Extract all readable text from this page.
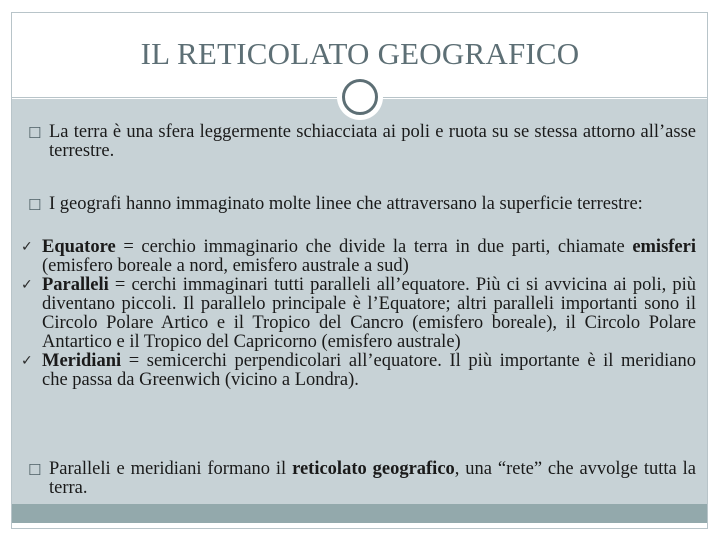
IL RETICOLATO GEOGRAFICO
☐ La terra è una sfera leggermente schiacciata ai poli e ruota su se stessa attorno all’asse terrestre.

☐ I geografi hanno immaginato molte linee che attraversano la superficie terrestre:

✓ Equatore = cerchio immaginario che divide la terra in due parti, chiamate emisferi (emisfero boreale a nord, emisfero australe a sud)

✓ Paralleli = cerchi immaginari tutti paralleli all’equatore. Più ci si avvicina ai poli, più diventano piccoli. Il parallelo principale è l’Equatore; altri paralleli importanti sono il Circolo Polare Artico e il Tropico del Cancro (emisfero boreale), il Circolo Polare Antartico e il Tropico del Capricorno (emisfero australe)

✓ Meridiani = semicerchi perpendicolari all’equatore. Il più importante è il meridiano che passa da Greenwich (vicino a Londra).

☐ Paralleli e meridiani formano il reticolato geografico, una “rete” che avvolge tutta la terra.
